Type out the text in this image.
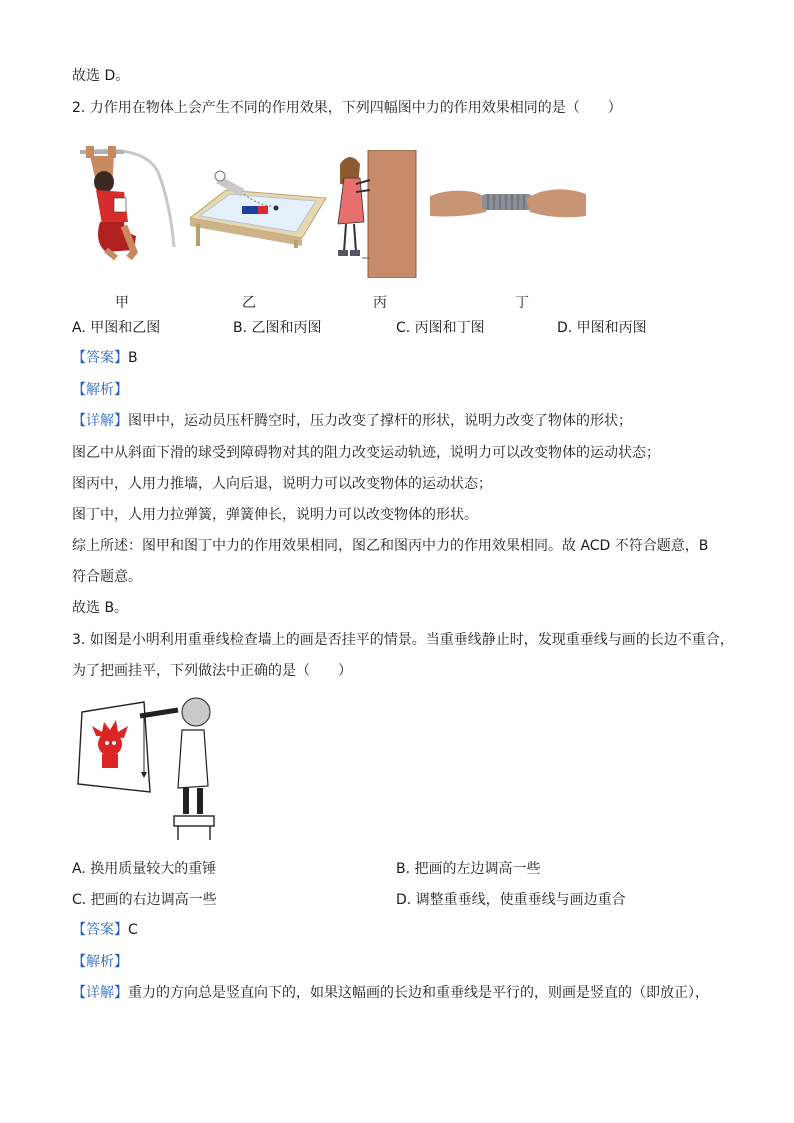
故选 D。
2. 力作用在物体上会产生不同的作用效果，下列四幅图中力的作用效果相同的是（　　）
甲	乙	丙	丁
A. 甲图和乙图	B. 乙图和丙图	C. 丙图和丁图	D. 甲图和丙图
【答案】B
【解析】
【详解】图甲中，运动员压杆腾空时，压力改变了撑杆的形状，说明力改变了物体的形状；
图乙中从斜面下滑的球受到障碍物对其的阻力改变运动轨迹，说明力可以改变物体的运动状态；
图丙中，人用力推墙，人向后退，说明力可以改变物体的运动状态；
图丁中，人用力拉弹簧，弹簧伸长，说明力可以改变物体的形状。
综上所述：图甲和图丁中力的作用效果相同，图乙和图丙中力的作用效果相同。故 ACD 不符合题意，B
符合题意。
故选 B。
3. 如图是小明利用重垂线检查墙上的画是否挂平的情景。当重垂线静止时，发现重垂线与画的长边不重合，
为了把画挂平，下列做法中正确的是（　　）
A. 换用质量较大的重锤	B. 把画的左边调高一些
C. 把画的右边调高一些	D. 调整重垂线，使重垂线与画边重合
【答案】C
【解析】
【详解】重力的方向总是竖直向下的，如果这幅画的长边和重垂线是平行的，则画是竖直的（即放正），
